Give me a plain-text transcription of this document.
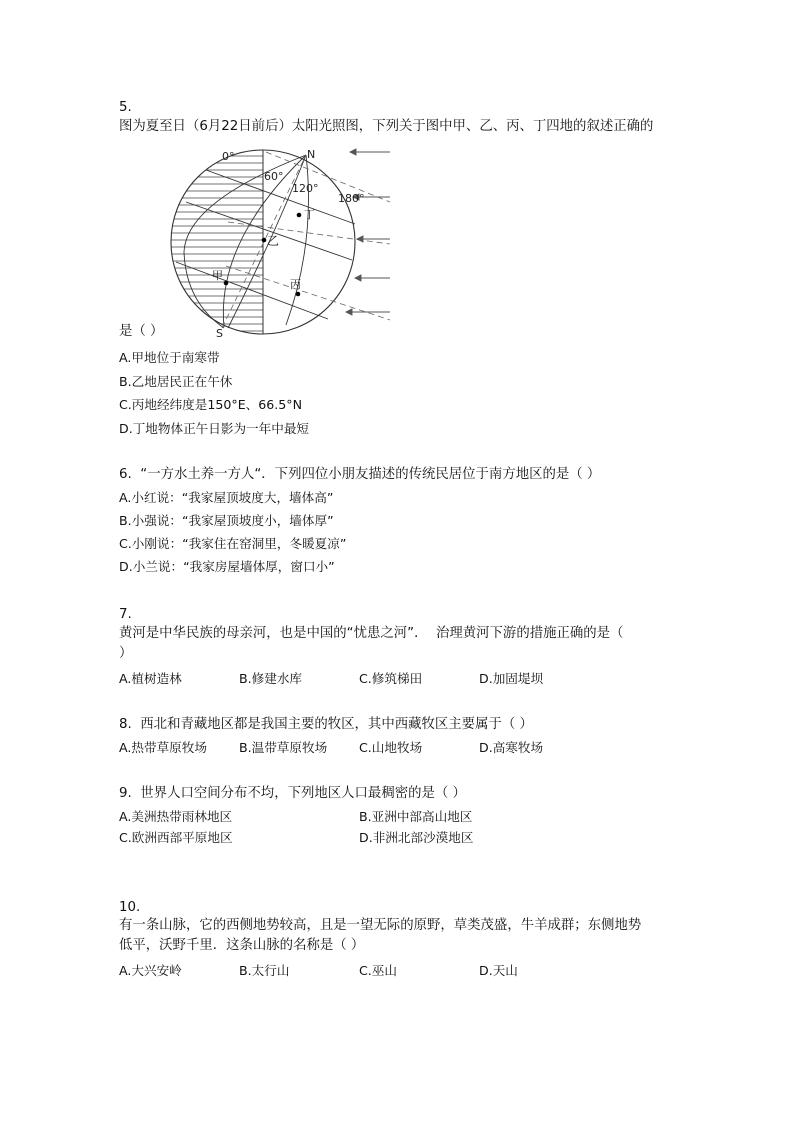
5.
图为夏至日（6月22日前后）太阳光照图，下列关于图中甲、乙、丙、丁四地的叙述正确的
0°
60°
120°
180°
N
S
甲
乙
丙
丁
是（ ）
A.甲地位于南寒带
B.乙地居民正在午休
C.丙地经纬度是150°E、66.5°N
D.丁地物体正午日影为一年中最短
6.  “一方水土养一方人“．下列四位小朋友描述的传统民居位于南方地区的是（ ）
A.小红说：“我家屋顶坡度大，墙体高”
B.小强说：“我家屋顶坡度小，墙体厚”
C.小刚说：“我家住在窑洞里，冬暖夏凉”
D.小兰说：“我家房屋墙体厚，窗口小”
7.
黄河是中华民族的母亲河，也是中国的“忧患之河”．  治理黄河下游的措施正确的是（
）
A.植树造林	B.修建水库	C.修筑梯田	D.加固堤坝
8.  西北和青藏地区都是我国主要的牧区，其中西藏牧区主要属于（ ）
A.热带草原牧场	B.温带草原牧场	C.山地牧场	D.高寒牧场
9.  世界人口空间分布不均，下列地区人口最稠密的是（ ）
A.美洲热带雨林地区	B.亚洲中部高山地区
C.欧洲西部平原地区	D.非洲北部沙漠地区
10.
有一条山脉，它的西侧地势较高，且是一望无际的原野，草类茂盛，牛羊成群；东侧地势
低平，沃野千里．这条山脉的名称是（ ）
A.大兴安岭	B.太行山	C.巫山	D.天山
